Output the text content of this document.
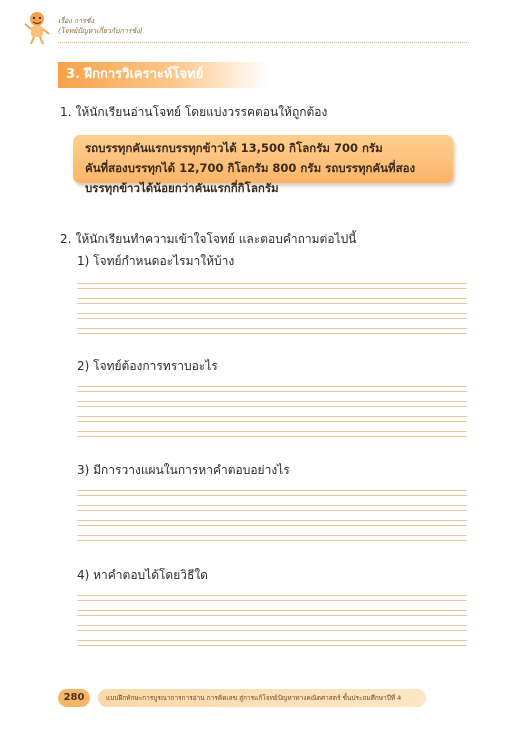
เรื่อง การชั่ง
(โจทย์ปัญหาเกี่ยวกับการชั่ง)
3. ฝึกการวิเคราะห์โจทย์
1. ให้นักเรียนอ่านโจทย์ โดยแบ่งวรรคตอนให้ถูกต้อง
รถบรรทุกคันแรกบรรทุกข้าวได้ 13,500 กิโลกรัม 700 กรัม
คันที่สองบรรทุกได้ 12,700 กิโลกรัม 800 กรัม รถบรรทุกคันที่สอง
บรรทุกข้าวได้น้อยกว่าคันแรกกี่กิโลกรัม
2. ให้นักเรียนทำความเข้าใจโจทย์ และตอบคำถามต่อไปนี้
1) โจทย์กำหนดอะไรมาให้บ้าง
2) โจทย์ต้องการทราบอะไร
3) มีการวางแผนในการหาคำตอบอย่างไร
4) หาคำตอบได้โดยวิธีใด
280	แบบฝึกทักษะการบูรณาการการอ่าน การคิดเลข สู่การแก้โจทย์ปัญหาทางคณิตศาสตร์ ชั้นประถมศึกษาปีที่ 4
